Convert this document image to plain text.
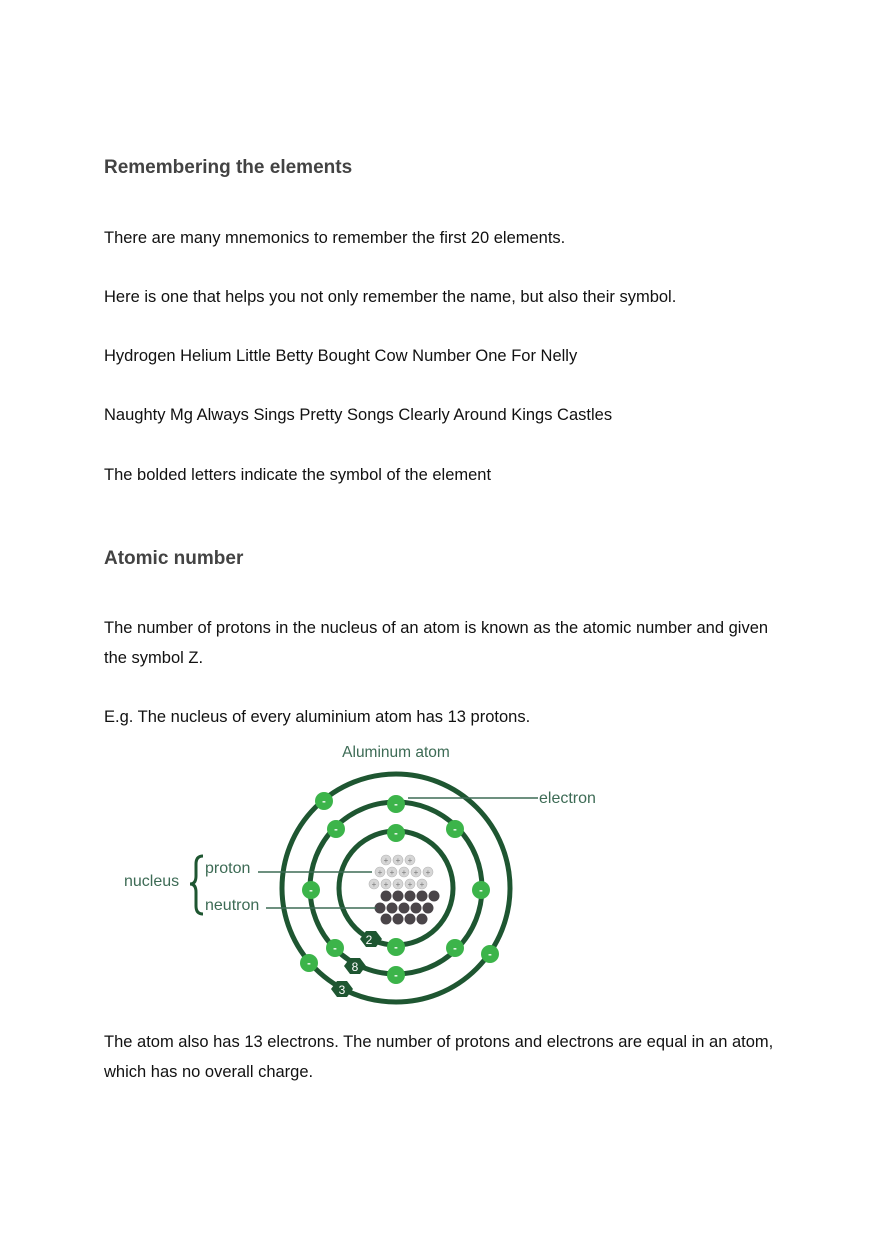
Remembering the elements

There are many mnemonics to remember the first 20 elements.

Here is one that helps you not only remember the name, but also their symbol.

Hydrogen Helium Little Betty Bought Cow Number One For Nelly

Naughty Mg Always Sings Pretty Songs Clearly Around Kings Castles

The bolded letters indicate the symbol of the element

Atomic number

The number of protons in the nucleus of an atom is known as the atomic number and given the symbol Z.

E.g. The nucleus of every aluminium atom has 13 protons.

Aluminum atom
+ + +
+ + + + +
+ + + + +
-
-
-
-
-
-
-
-
-
-
-
-
-
electron
nucleus
proton
neutron
2
8
3

The atom also has 13 electrons. The number of protons and electrons are equal in an atom, which has no overall charge.
